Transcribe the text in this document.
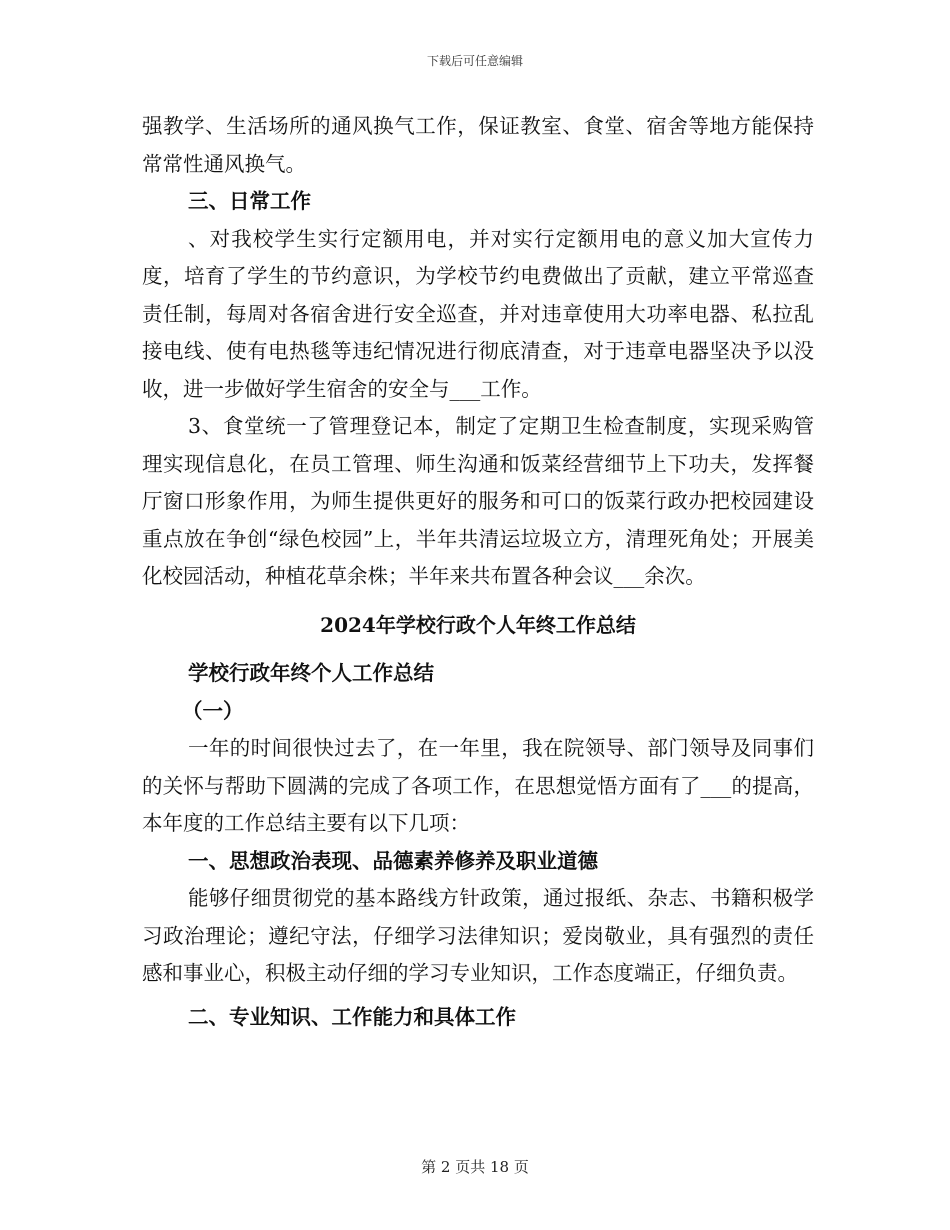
下载后可任意编辑

强教学、生活场所的通风换气工作，保证教室、食堂、宿舍等地方能保持常常性通风换气。

三、日常工作

、对我校学生实行定额用电，并对实行定额用电的意义加大宣传力度，培育了学生的节约意识，为学校节约电费做出了贡献，建立平常巡查责任制，每周对各宿舍进行安全巡查，并对违章使用大功率电器、私拉乱接电线、使有电热毯等违纪情况进行彻底清查，对于违章电器坚决予以没收，进一步做好学生宿舍的安全与___工作。

3、食堂统一了管理登记本，制定了定期卫生检查制度，实现采购管理实现信息化，在员工管理、师生沟通和饭菜经营细节上下功夫，发挥餐厅窗口形象作用，为师生提供更好的服务和可口的饭菜行政办把校园建设重点放在争创“绿色校园”上，半年共清运垃圾立方，清理死角处；开展美化校园活动，种植花草余株；半年来共布置各种会议___余次。

2024年学校行政个人年终工作总结

学校行政年终个人工作总结

（一）

一年的时间很快过去了，在一年里，我在院领导、部门领导及同事们的关怀与帮助下圆满的完成了各项工作，在思想觉悟方面有了___的提高，本年度的工作总结主要有以下几项：

一、思想政治表现、品德素养修养及职业道德

能够仔细贯彻党的基本路线方针政策，通过报纸、杂志、书籍积极学习政治理论；遵纪守法，仔细学习法律知识；爱岗敬业，具有强烈的责任感和事业心，积极主动仔细的学习专业知识，工作态度端正，仔细负责。

二、专业知识、工作能力和具体工作

第 2 页共 18 页
